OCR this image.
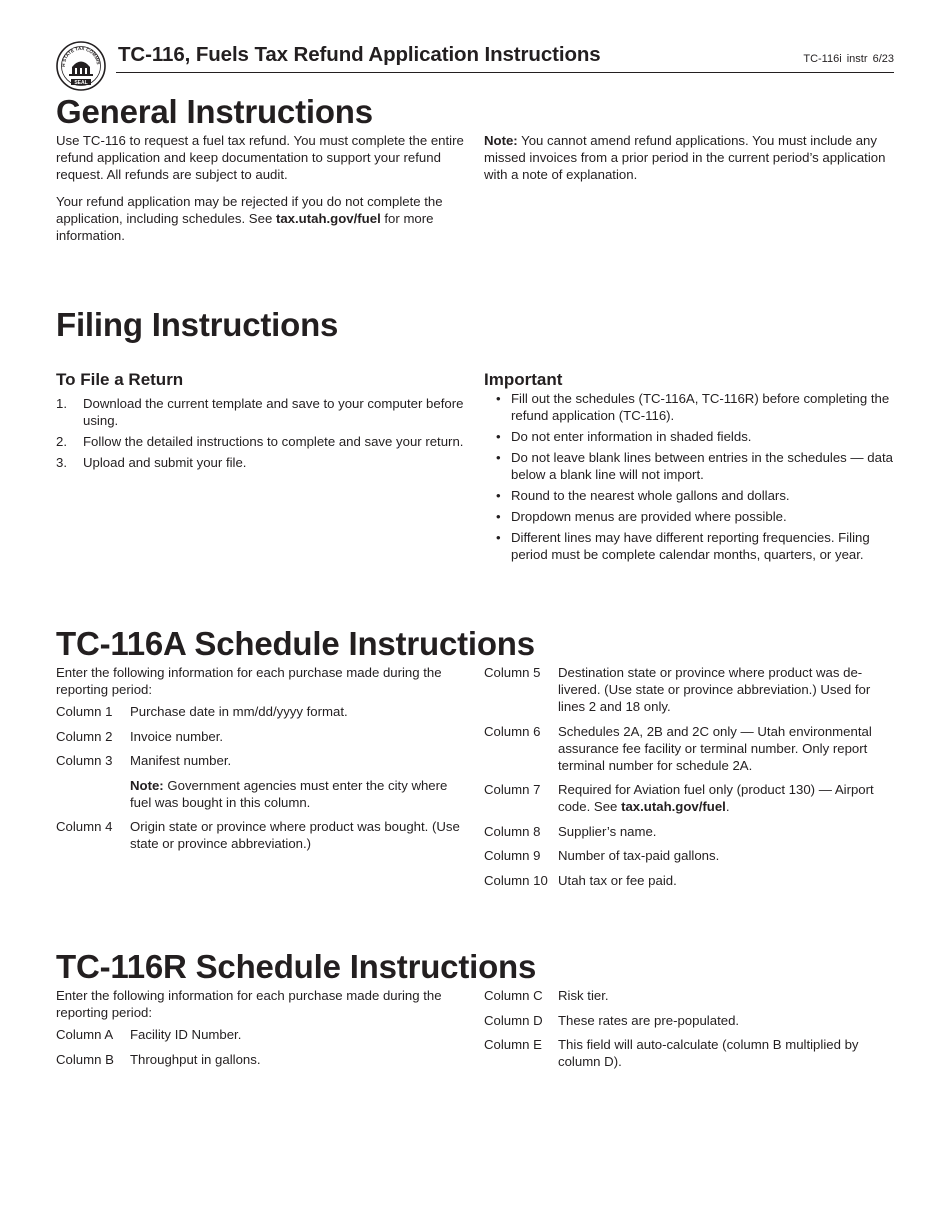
H STATE TAX COMMIS
SEAL
TC-116, Fuels Tax Refund Application Instructions	TC-116i instr 6/23
General Instructions

Use TC-116 to request a fuel tax refund. You must complete the entire refund application and keep documentation to support your refund request. All refunds are subject to audit.

Your refund application may be rejected if you do not complete the application, including schedules. See tax.utah.gov/fuel for more information.

Note: You cannot amend refund applications. You must include any missed invoices from a prior period in the current period’s application with a note of explanation.

Filing Instructions
To File a Return
1.	Download the current template and save to your computer before using.
2.	Follow the detailed instructions to complete and save your return.
3.	Upload and submit your file.
Important
• Fill out the schedules (TC-116A, TC-116R) before completing the refund application (TC-116).
• Do not enter information in shaded fields.
• Do not leave blank lines between entries in the schedules — data below a blank line will not import.
• Round to the nearest whole gallons and dollars.
• Dropdown menus are provided where possible.
• Different lines may have different reporting frequencies. Filing period must be complete calendar months, quarters, or year.
TC-116A Schedule Instructions

Enter the following information for each purchase made during the reporting period:

Column 1	Purchase date in mm/dd/yyyy format.
Column 2	Invoice number.
Column 3	Manifest number.
Note: Government agencies must enter the city where fuel was bought in this column.
Column 4	Origin state or province where product was bought. (Use state or province abbreviation.)
Column 5	Destination state or province where product was de-livered. (Use state or province abbreviation.) Used for lines 2 and 18 only.
Column 6	Schedules 2A, 2B and 2C only — Utah environmental assurance fee facility or terminal number. Only report terminal number for schedule 2A.
Column 7	Required for Aviation fuel only (product 130) — Airport code. See tax.utah.gov/fuel.
Column 8	Supplier’s name.
Column 9	Number of tax-paid gallons.
Column 10 Utah tax or fee paid.
TC-116R Schedule Instructions

Enter the following information for each purchase made during the reporting period:

Column A	Facility ID Number.
Column B	Throughput in gallons.
Column C	Risk tier.
Column D	These rates are pre-populated.
Column E	This field will auto-calculate (column B multiplied by column D).
